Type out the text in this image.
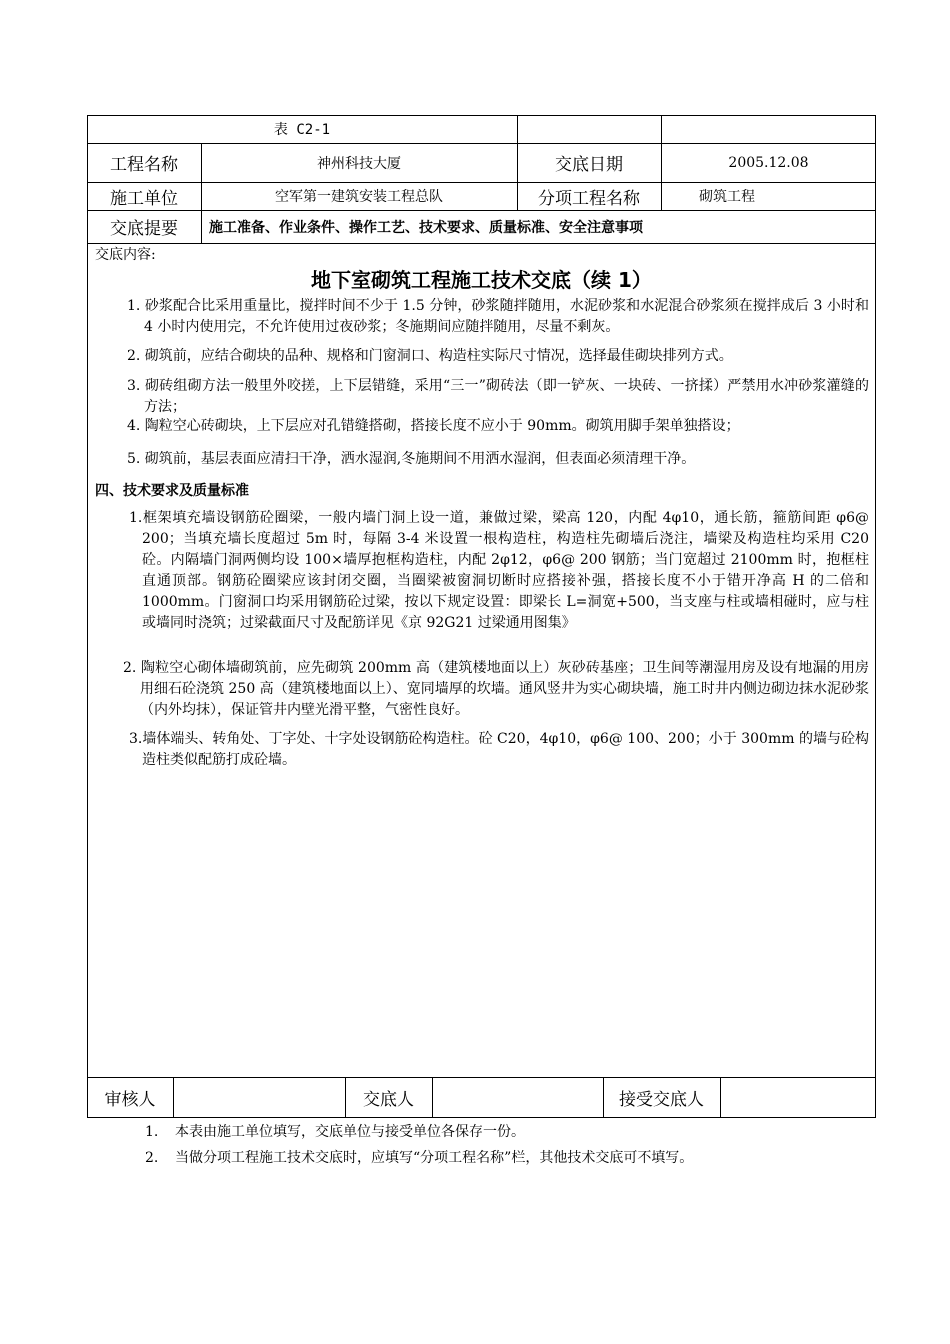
表 C2-1
工程名称	神州科技大厦	交底日期	2005.12.08
施工单位	空军第一建筑安装工程总队	分项工程名称	砌筑工程
交底提要	施工准备、作业条件、操作工艺、技术要求、质量标准、安全注意事项
交底内容:
地下室砌筑工程施工技术交底（续 1）
1. 砂浆配合比采用重量比，搅拌时间不少于 1.5 分钟，砂浆随拌随用，水泥砂浆和水泥混合砂浆须在搅拌成后 3 小时和 4 小时内使用完，不允许使用过夜砂浆；冬施期间应随拌随用，尽量不剩灰。
2. 砌筑前，应结合砌块的品种、规格和门窗洞口、构造柱实际尺寸情况，选择最佳砌块排列方式。
3. 砌砖组砌方法一般里外咬搓，上下层错缝，采用“三一”砌砖法（即一铲灰、一块砖、一挤揉）严禁用水冲砂浆灌缝的方法；
4. 陶粒空心砖砌块，上下层应对孔错缝搭砌，搭接长度不应小于 90mm。砌筑用脚手架单独搭设；
5. 砌筑前，基层表面应清扫干净，洒水湿润,冬施期间不用洒水湿润，但表面必须清理干净。
四、技术要求及质量标准
1.框架填充墙设钢筋砼圈梁，一般内墙门洞上设一道，兼做过梁，梁高 120，内配 4φ10，通长筋，箍筋间距 φ6@ 200；当填充墙长度超过 5m 时，每隔 3-4 米设置一根构造柱，构造柱先砌墙后浇注，墙梁及构造柱均采用 C20 砼。内隔墙门洞两侧均设 100×墙厚抱框构造柱，内配 2φ12，φ6@ 200 钢筋；当门宽超过 2100mm 时，抱框柱直通顶部。钢筋砼圈梁应该封闭交圈，当圈梁被窗洞切断时应搭接补强，搭接长度不小于错开净高 H 的二倍和 1000mm。门窗洞口均采用钢筋砼过梁，按以下规定设置：即梁长 L=洞宽+500，当支座与柱或墙相碰时，应与柱或墙同时浇筑；过梁截面尺寸及配筋详见《京 92G21 过梁通用图集》
2. 陶粒空心砌体墙砌筑前，应先砌筑 200mm 高（建筑楼地面以上）灰砂砖基座；卫生间等潮湿用房及设有地漏的用房用细石砼浇筑 250 高（建筑楼地面以上）、宽同墙厚的坎墙。通风竖井为实心砌块墙，施工时井内侧边砌边抹水泥砂浆（内外均抹），保证管井内壁光滑平整，气密性良好。
3.墙体端头、转角处、丁字处、十字处设钢筋砼构造柱。砼 C20，4φ10，φ6@ 100、200；小于 300mm 的墙与砼构造柱类似配筋打成砼墙。
审核人	交底人	接受交底人
1. 本表由施工单位填写，交底单位与接受单位各保存一份。
2. 当做分项工程施工技术交底时，应填写“分项工程名称”栏，其他技术交底可不填写。
